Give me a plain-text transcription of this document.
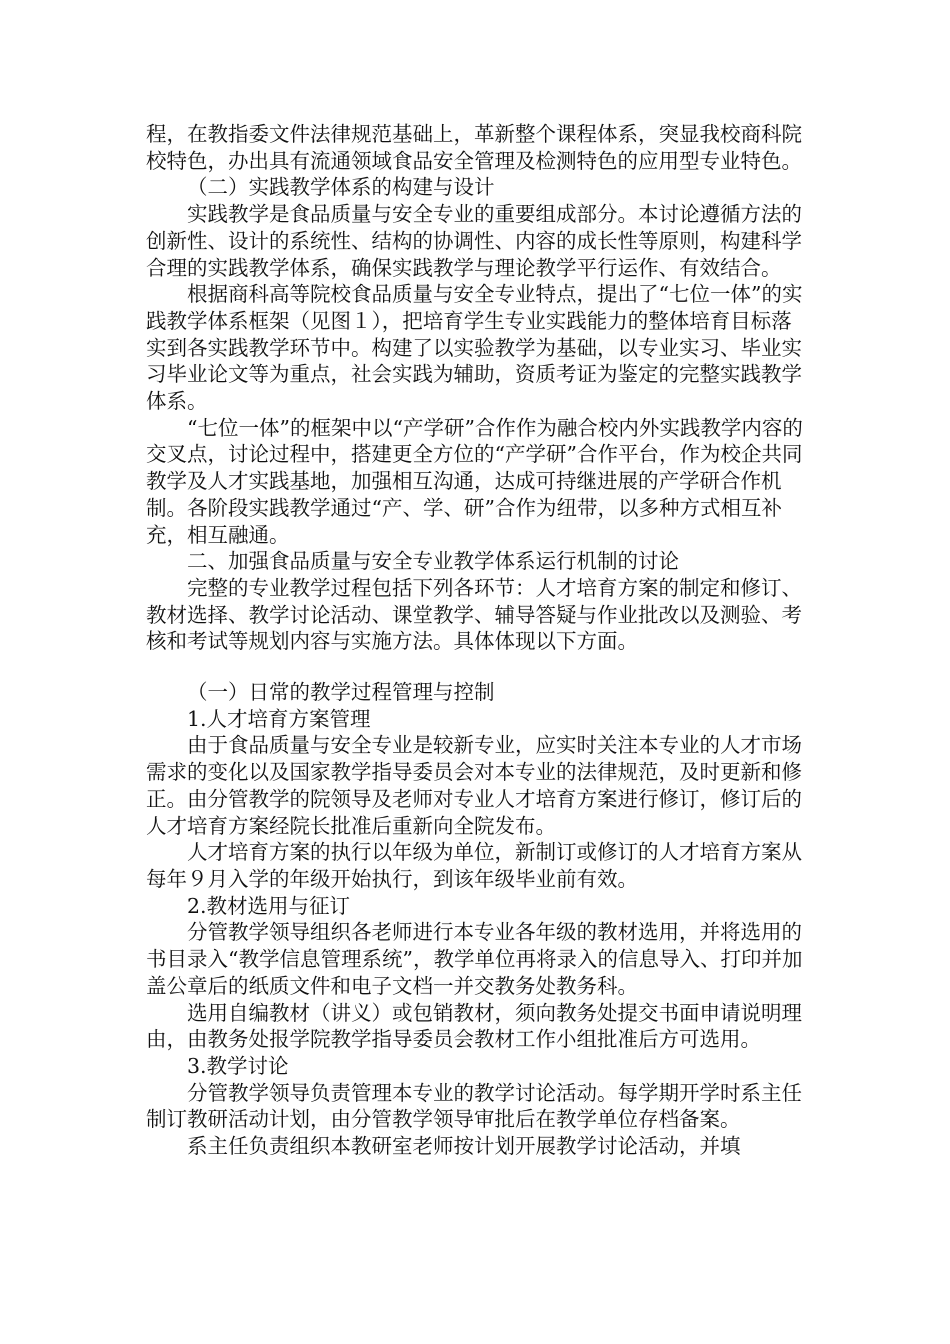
程，在教指委文件法律规范基础上，革新整个课程体系，突显我校商科院校特色，办出具有流通领域食品安全管理及检测特色的应用型专业特色。

（二）实践教学体系的构建与设计

实践教学是食品质量与安全专业的重要组成部分。本讨论遵循方法的创新性、设计的系统性、结构的协调性、内容的成长性等原则，构建科学合理的实践教学体系，确保实践教学与理论教学平行运作、有效结合。

根据商科高等院校食品质量与安全专业特点，提出了“七位一体”的实践教学体系框架（见图１），把培育学生专业实践能力的整体培育目标落实到各实践教学环节中。构建了以实验教学为基础，以专业实习、毕业实习毕业论文等为重点，社会实践为辅助，资质考证为鉴定的完整实践教学体系。

“七位一体”的框架中以“产学研”合作作为融合校内外实践教学内容的交叉点，讨论过程中，搭建更全方位的“产学研”合作平台，作为校企共同教学及人才实践基地，加强相互沟通，达成可持继进展的产学研合作机制。各阶段实践教学通过“产、学、研”合作为纽带，以多种方式相互补充，相互融通。

二、加强食品质量与安全专业教学体系运行机制的讨论

完整的专业教学过程包括下列各环节：人才培育方案的制定和修订、教材选择、教学讨论活动、课堂教学、辅导答疑与作业批改以及测验、考核和考试等规划内容与实施方法。具体体现以下方面。

（一）日常的教学过程管理与控制

1.人才培育方案管理

由于食品质量与安全专业是较新专业，应实时关注本专业的人才市场需求的变化以及国家教学指导委员会对本专业的法律规范，及时更新和修正。由分管教学的院领导及老师对专业人才培育方案进行修订，修订后的人才培育方案经院长批准后重新向全院发布。

人才培育方案的执行以年级为单位，新制订或修订的人才培育方案从每年９月入学的年级开始执行，到该年级毕业前有效。

2.教材选用与征订

分管教学领导组织各老师进行本专业各年级的教材选用，并将选用的书目录入“教学信息管理系统”，教学单位再将录入的信息导入、打印并加盖公章后的纸质文件和电子文档一并交教务处教务科。

选用自编教材（讲义）或包销教材，须向教务处提交书面申请说明理由，由教务处报学院教学指导委员会教材工作小组批准后方可选用。

3.教学讨论

分管教学领导负责管理本专业的教学讨论活动。每学期开学时系主任制订教研活动计划，由分管教学领导审批后在教学单位存档备案。

系主任负责组织本教研室老师按计划开展教学讨论活动，并填
